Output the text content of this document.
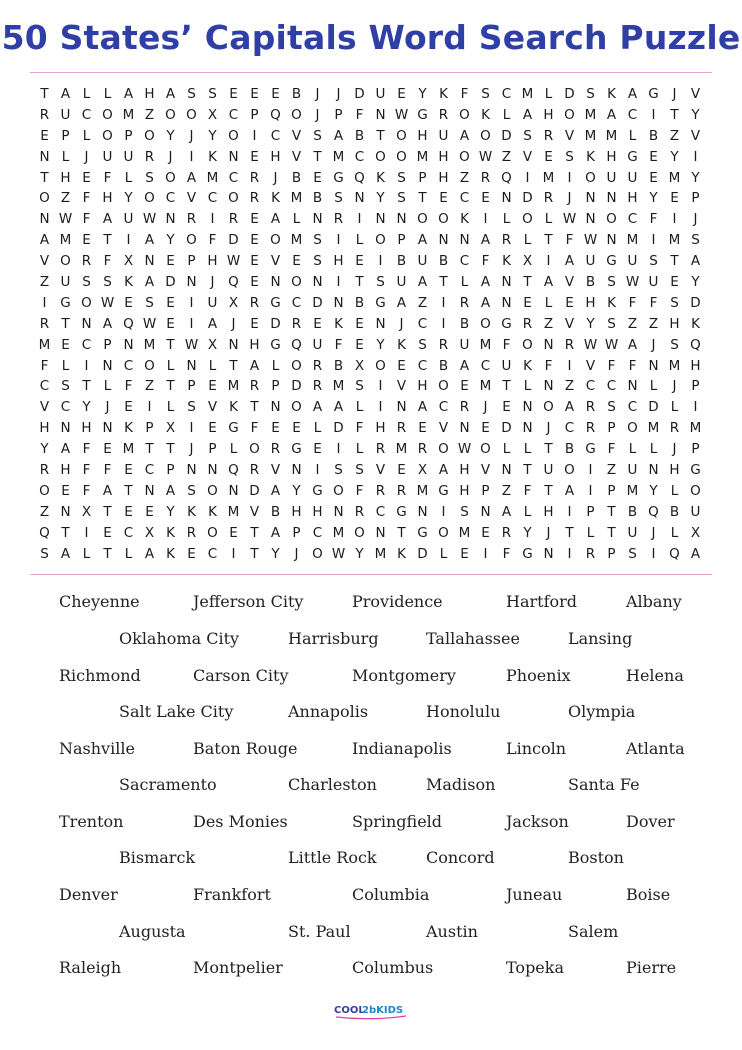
50 States’ Capitals Word Search Puzzle
T A L L A H A S S E E E B	J	J	D U E Y K F S C M L D S K A G	J	V
R U C O M Z O O X C P Q O	J	P F N W G R O K L A H O M A C	I	T Y
E P L O P O Y	J	Y O	I	C V S A B T O H U A O D S R V M M L B Z V
N L	J	U U R	J	I	K N E H V T M C O O M H O W Z V E S K H G E Y	I
T H E F L S O A M C R	J	B E G Q K S P H Z R Q	I M I	O U U E M Y
O Z F H Y O C V C O R K M B S N Y S T E C E N D R	J	N N H Y E P
N W F A U W N R	I	R E A L N R	I	N N O O K	I	L O L W N O C F	I	J
A M E T	I	A Y O F D E O M S	I	L O P A N N A R L T F W N M I M S
V O R F X N E P H W E V E S H E	I	B U B C F K X	I	A U G U S T A
Z U S S K A D N	J	Q E N O N	I	T S U A T L A N T A V B S W U E Y
I	G O W E S E	I	U X R G C D N B G A Z	I	R A N E L E H K F F S D
R T N A Q W E	I	A	J	E D R E K E N	J	C	I	B O G R Z V Y S Z Z H K
M E C P N M T W X N H G Q U F E Y K S R U M F O N R W W A	J	S Q
F L	I	N C O L N L T A L O R B X O E C B A C U K F	I	V F F N M H
C S T L F Z T P E M R P D R M S	I	V H O E M T L N Z C C N L	J	P
V C Y	J	E	I	L S V K T N O A A L	I	N A C R	J	E N O A R S C D L	I
H N H N K P X	I	E G F E E L D F H R E V N E D N	J	C R P O M R M
Y A F E M T T	J	P L O R G E	I	L R M R O W O L L T B G F L L	J	P
R H F F E C P N N Q R V N	I	S S V E X A H V N T U O	I	Z U N H G
O E F A T N A S O N D A Y G O F R R M G H P Z F T A	I	P M Y L O
Z N X T E E Y K K M V B H H N R C G N	I	S N A L H	I	P T B Q B U
Q T	I	E C X K R O E T A P C M O N T G O M E R Y	J	T L T U	J	L X
S A L T L A K E C	I	T Y	J	O W Y M K D L E	I	F G N	I	R P S	I	Q A
Cheyenne	Jefferson City	Providence	Hartford	Albany
Oklahoma City	Harrisburg	Tallahassee	Lansing
Richmond	Carson City	Montgomery	Phoenix	Helena
Salt Lake City	Annapolis	Honolulu	Olympia
Nashville	Baton Rouge	Indianapolis	Lincoln	Atlanta
Sacramento	Charleston	Madison	Santa Fe
Trenton	Des Monies	Springfield	Jackson	Dover
Bismarck	Little Rock	Concord	Boston
Denver	Frankfort	Columbia	Juneau	Boise
Augusta	St. Paul	Austin	Salem
Raleigh	Montpelier	Columbus	Topeka	Pierre
COOL
2bKIDS
